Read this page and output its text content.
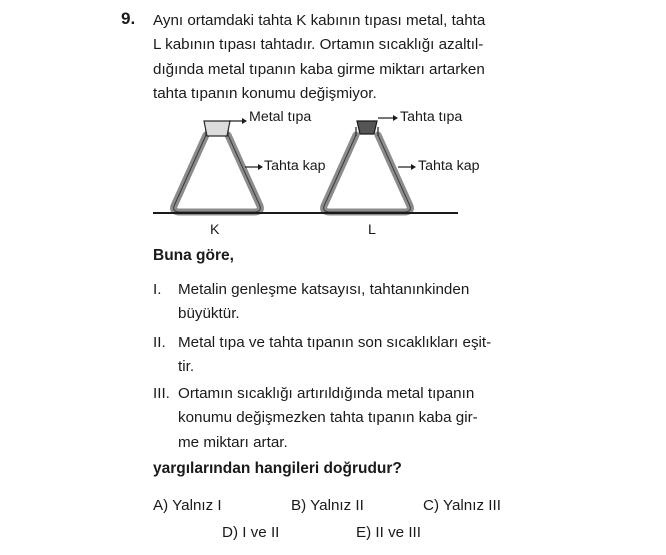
9. Aynı ortamdaki tahta K kabının tıpası metal, tahta
L kabının tıpası tahtadır. Ortamın sıcaklığı azaltıl-
dığında metal tıpanın kaba girme miktarı artarken
tahta tıpanın konumu değişmiyor.
Metal tıpa
Tahta kap
Tahta tıpa
Tahta kap
K	L
Buna göre,
I. Metalin genleşme katsayısı, tahtanınkinden
büyüktür.
II. Metal tıpa ve tahta tıpanın son sıcaklıkları eşit-
tir.
III. Ortamın sıcaklığı artırıldığında metal tıpanın
konumu değişmezken tahta tıpanın kaba gir-
me miktarı artar.
yargılarından hangileri doğrudur?
A) Yalnız I	B) Yalnız II	C) Yalnız III
D) I ve II	E) II ve III
